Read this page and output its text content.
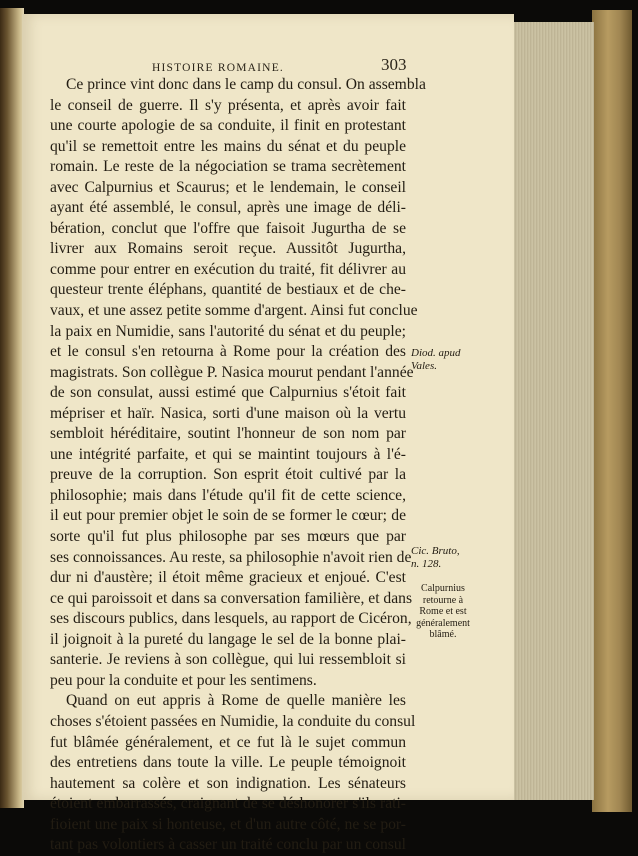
HISTOIRE ROMAINE.	303
Ce prince vint donc dans le camp du consul. On assembla
le conseil de guerre. Il s'y présenta, et après avoir fait
une courte apologie de sa conduite, il finit en protestant
qu'il se remettoit entre les mains du sénat et du peuple
romain. Le reste de la négociation se trama secrètement
avec Calpurnius et Scaurus; et le lendemain, le conseil
ayant été assemblé, le consul, après une image de déli-
bération, conclut que l'offre que faisoit Jugurtha de se
livrer aux Romains seroit reçue. Aussitôt Jugurtha,
comme pour entrer en exécution du traité, fit délivrer au
questeur trente éléphans, quantité de bestiaux et de che-
vaux, et une assez petite somme d'argent. Ainsi fut conclue
la paix en Numidie, sans l'autorité du sénat et du peuple;
et le consul s'en retourna à Rome pour la création des
magistrats. Son collègue P. Nasica mourut pendant l'année
de son consulat, aussi estimé que Calpurnius s'étoit fait
mépriser et haïr. Nasica, sorti d'une maison où la vertu
sembloit héréditaire, soutint l'honneur de son nom par
une intégrité parfaite, et qui se maintint toujours à l'é-
preuve de la corruption. Son esprit étoit cultivé par la
philosophie; mais dans l'étude qu'il fit de cette science,
il eut pour premier objet le soin de se former le cœur; de
sorte qu'il fut plus philosophe par ses mœurs que par
ses connoissances. Au reste, sa philosophie n'avoit rien de
dur ni d'austère; il étoit même gracieux et enjoué. C'est
ce qui paroissoit et dans sa conversation familière, et dans
ses discours publics, dans lesquels, au rapport de Cicéron,
il joignoit à la pureté du langage le sel de la bonne plai-
santerie. Je reviens à son collègue, qui lui ressembloit si
peu pour la conduite et pour les sentimens.
Quand on eut appris à Rome de quelle manière les
choses s'étoient passées en Numidie, la conduite du consul
fut blâmée généralement, et ce fut là le sujet commun
des entretiens dans toute la ville. Le peuple témoignoit
hautement sa colère et son indignation. Les sénateurs
étoient embarrassés, craignant de se déshonorer s'ils rati-
fioient une paix si honteuse, et d'un autre côté, ne se por-
tant pas volontiers à casser un traité conclu par un consul
Diod. apud
Vales.
Cic. Bruto,
n. 128.
Calpurnius
retourne à
Rome et est
généralement
blâmé.
